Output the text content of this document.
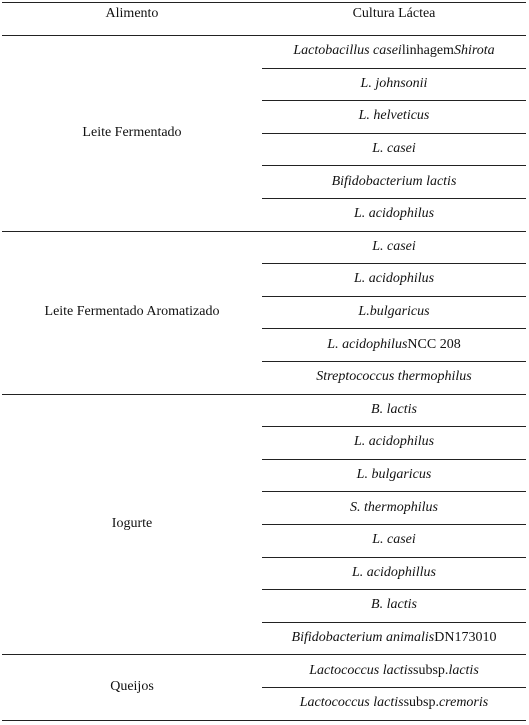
Alimento	Cultura Láctea
Leite Fermentado
Lactobacillus casei linhagem Shirota
L. johnsonii
L. helveticus
L. casei
Bifidobacterium lactis
L. acidophilus
Leite Fermentado Aromatizado
L. casei
L. acidophilus
L.bulgaricus
L. acidophilus NCC 208
Streptococcus thermophilus
Iogurte
B. lactis
L. acidophilus
L. bulgaricus
S. thermophilus
L. casei
L. acidophillus
B. lactis
Bifidobacterium animalis DN173010
Queijos
Lactococcus lactis subsp. lactis
Lactococcus lactis subsp. cremoris
